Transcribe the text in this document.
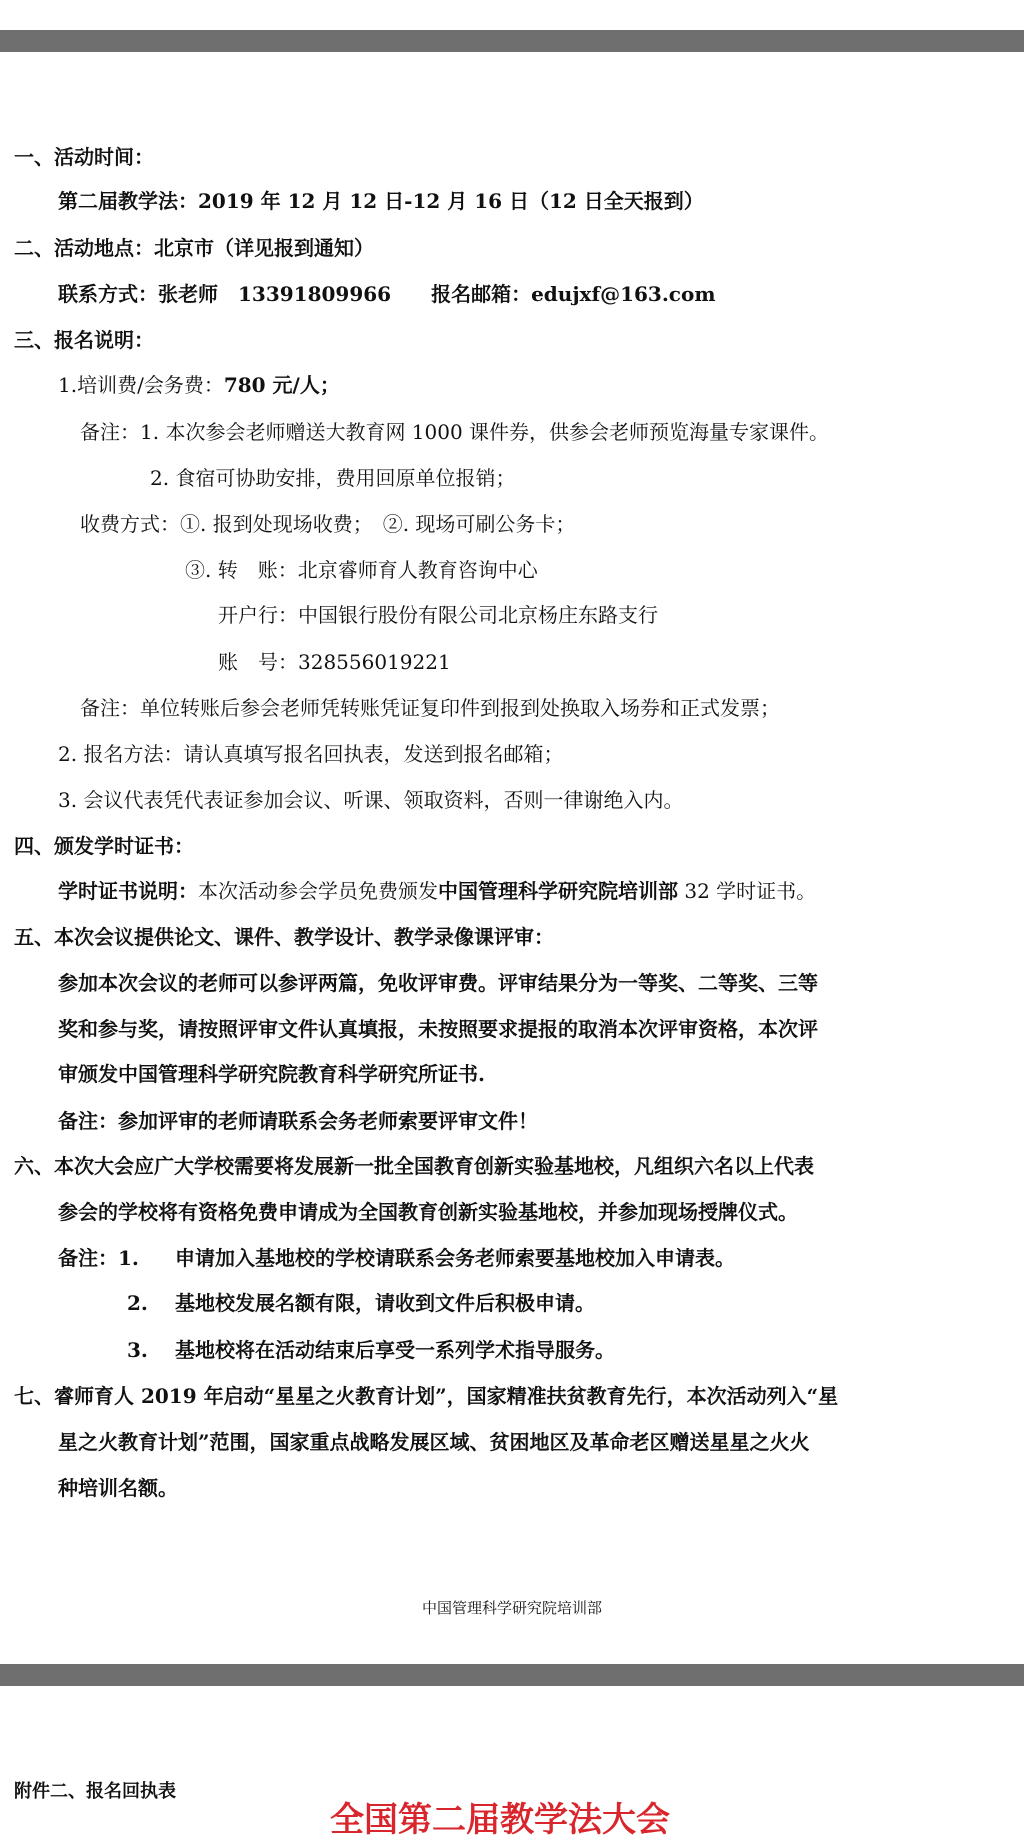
一、活动时间：
第二届教学法：2019 年 12 月 12 日-12 月 16 日（12 日全天报到）
二、活动地点：北京市（详见报到通知）
联系方式：张老师　13391809966　　报名邮箱：edujxf@163.com
三、报名说明：
1.培训费/会务费：780 元/人；
备注：1. 本次参会老师赠送大教育网 1000 课件券，供参会老师预览海量专家课件。
2. 食宿可协助安排，费用回原单位报销；
收费方式：①. 报到处现场收费；　②. 现场可刷公务卡；
③. 转　账：北京睿师育人教育咨询中心
开户行：中国银行股份有限公司北京杨庄东路支行
账　号：328556019221
备注：单位转账后参会老师凭转账凭证复印件到报到处换取入场券和正式发票；
2. 报名方法：请认真填写报名回执表，发送到报名邮箱；
3. 会议代表凭代表证参加会议、听课、领取资料，否则一律谢绝入内。
四、颁发学时证书：
学时证书说明：本次活动参会学员免费颁发中国管理科学研究院培训部 32 学时证书。
五、本次会议提供论文、课件、教学设计、教学录像课评审：
参加本次会议的老师可以参评两篇，免收评审费。评审结果分为一等奖、二等奖、三等
奖和参与奖，请按照评审文件认真填报，未按照要求提报的取消本次评审资格，本次评
审颁发中国管理科学研究院教育科学研究所证书.
备注：参加评审的老师请联系会务老师索要评审文件！
六、本次大会应广大学校需要将发展新一批全国教育创新实验基地校，凡组织六名以上代表
参会的学校将有资格免费申请成为全国教育创新实验基地校，并参加现场授牌仪式。
备注：1. 申请加入基地校的学校请联系会务老师索要基地校加入申请表。
2. 基地校发展名额有限，请收到文件后积极申请。
3. 基地校将在活动结束后享受一系列学术指导服务。
七、睿师育人 2019 年启动“星星之火教育计划”，国家精准扶贫教育先行，本次活动列入“星
星之火教育计划”范围，国家重点战略发展区域、贫困地区及革命老区赠送星星之火火
种培训名额。
中国管理科学研究院培训部
附件二、报名回执表
全国第二届教学法大会
